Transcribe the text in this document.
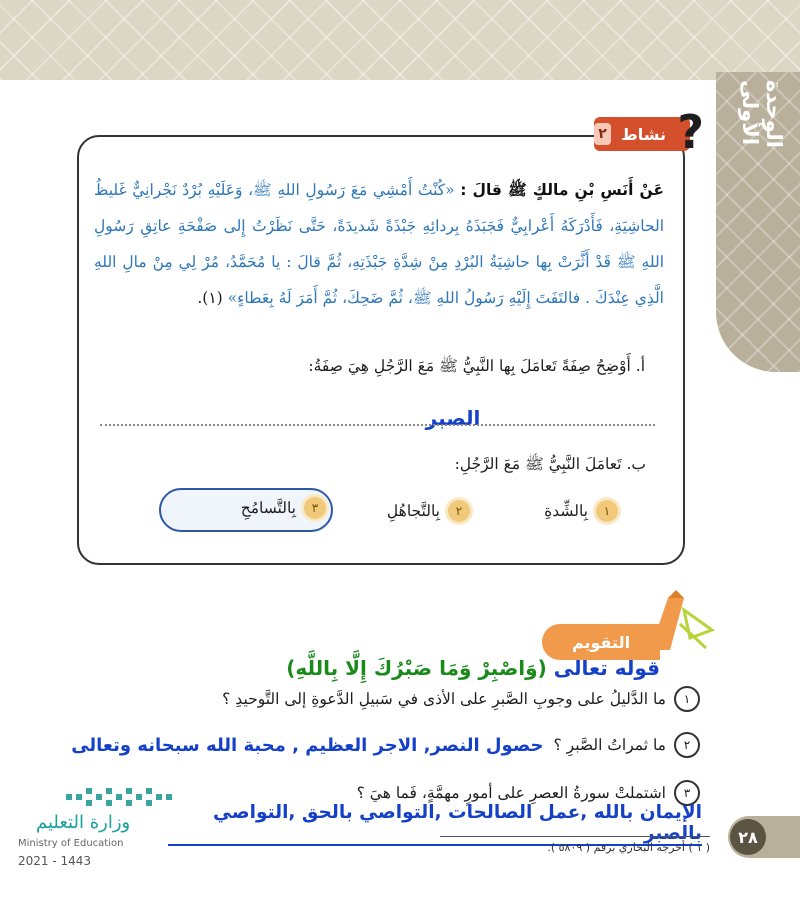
الوحدة الأولى
?
نشاط
٢
عَنْ أَنَسِ بْنِ مالكٍ ﷺ قالَ : «كُنْتُ أَمْشِي مَعَ رَسُولِ اللهِ ﷺ، وَعَلَيْهِ بُرْدٌ نَجْرانِيٌّ غَليظُ الحاشِيَةِ، فَأَدْرَكَهُ أَعْرابِيٌّ فَجَبَذَهُ بِردائِهِ جَبْذَةً شَديدَةً، حَتَّى نَظَرْتُ إِلى صَفْحَةِ عاتِقِ رَسُولِ اللهِ ﷺ قَدْ أَثَّرَتْ بِها حاشِيَةُ البُرْدِ مِنْ شِدَّةِ جَبْذَتِهِ، ثُمَّ قالَ : يا مُحَمَّدُ، مُرْ لِي مِنْ مالِ اللهِ الَّذِي عِنْدَكَ . فالتَفَتَ إِلَيْهِ رَسُولُ اللهِ ﷺ، ثُمَّ ضَحِكَ، ثُمَّ أَمَرَ لَهُ بِعَطاءٍ» (١).
أ. أَوْضِحُ صِفَةً تَعامَلَ بِها النَّبِيُّ ﷺ مَعَ الرَّجُلِ هِيَ صِفَةُ:
الصبر
ب. تَعامَلَ النَّبِيُّ ﷺ مَعَ الرَّجُلِ:
١
بِالشِّدةِ
٢
بِالتَّجاهُلِ
٣
بِالتَّسامُحِ
التقويم
قوله تعالى (وَاصْبِرْ وَمَا صَبْرُكَ إِلَّا بِاللَّهِ)
١
ما الدَّليلُ على وجوبِ الصَّبرِ على الأذى في سَبيلِ الدَّعوةِ إلى التَّوحيدِ ؟
٢
ما ثمراتُ الصَّبرِ ؟
حصول النصر, الاجر العظيم , محبة الله سبحانه وتعالى
٣
اشتملتْ سورةُ العصرِ على أمورٍ مهمَّةٍ، فَما هيَ ؟
الإيمان بالله ,عمل الصالحات ,التواصي بالحق ,التواصي بالصبر
( ١ ) أخرجه البخاري برقم ( ٥٨٠٩ ).
٢٨
وزارة التعليم
Ministry of Education
2021 - 1443
